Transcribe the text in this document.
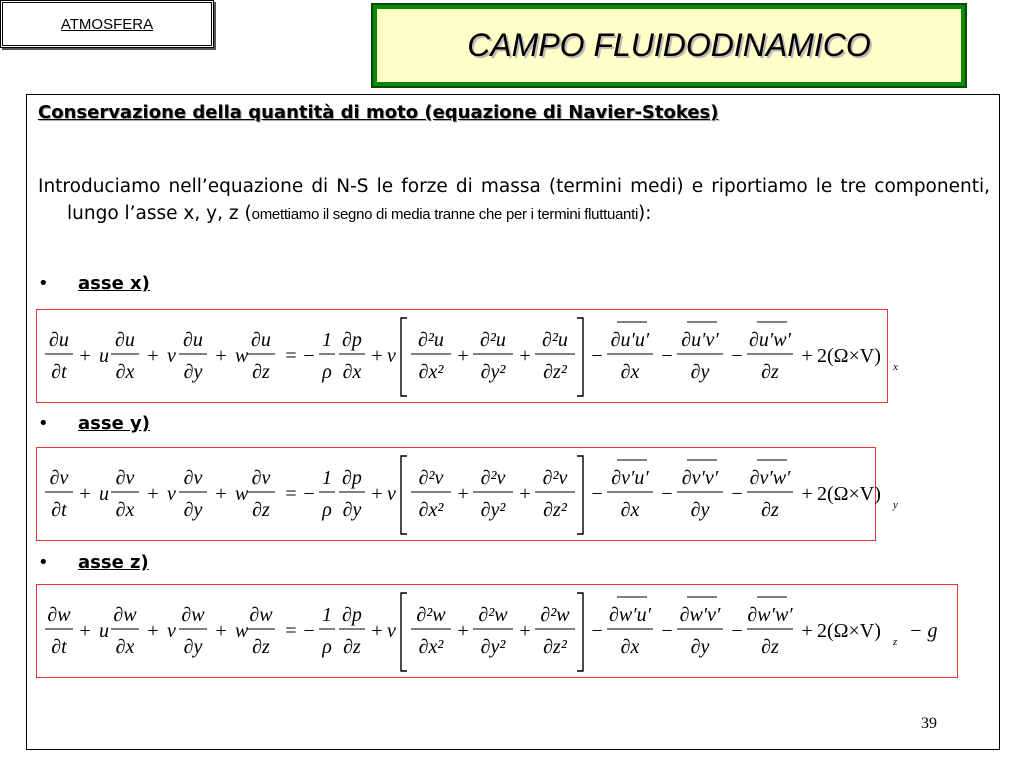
ATMOSFERA
CAMPO FLUIDODINAMICO
Conservazione della quantità di moto (equazione di Navier-Stokes)
Introduciamo nell’equazione di N-S le forze di massa (termini medi) e riportiamo le tre componenti, lungo l’asse x, y, z (omettiamo il segno di media tranne che per i termini fluttuanti):
• asse x)
∂u
∂t
+ u
∂u
∂x
+ v
∂u
∂y
+ w
∂u
∂z
= −
1
ρ
∂p
∂x
+ ν
∂²u
∂x²
+
∂²u
∂y²
+
∂²u
∂z²
−
∂u′u′
∂x
−
∂u′v′
∂y
−
∂u′w′
∂z
+ 2(Ω×V) x
• asse y)
∂v
∂t
+ u
∂v
∂x
+ v
∂v
∂y
+ w
∂v
∂z
= −
1
ρ
∂p
∂y
+ ν
∂²v
∂x²
+
∂²v
∂y²
+
∂²v
∂z²
−
∂v′u′
∂x
−
∂v′v′
∂y
−
∂v′w′
∂z
+ 2(Ω×V) y
• asse z)
∂w
∂t
+ u
∂w
∂x
+ v
∂w
∂y
+ w
∂w
∂z
= −
1
ρ
∂p
∂z
+ ν
∂²w
∂x²
+
∂²w
∂y²
+
∂²w
∂z²
−
∂w′u′
∂x
−
∂w′v′
∂y
−
∂w′w′
∂z
+ 2(Ω×V) z − g
39
